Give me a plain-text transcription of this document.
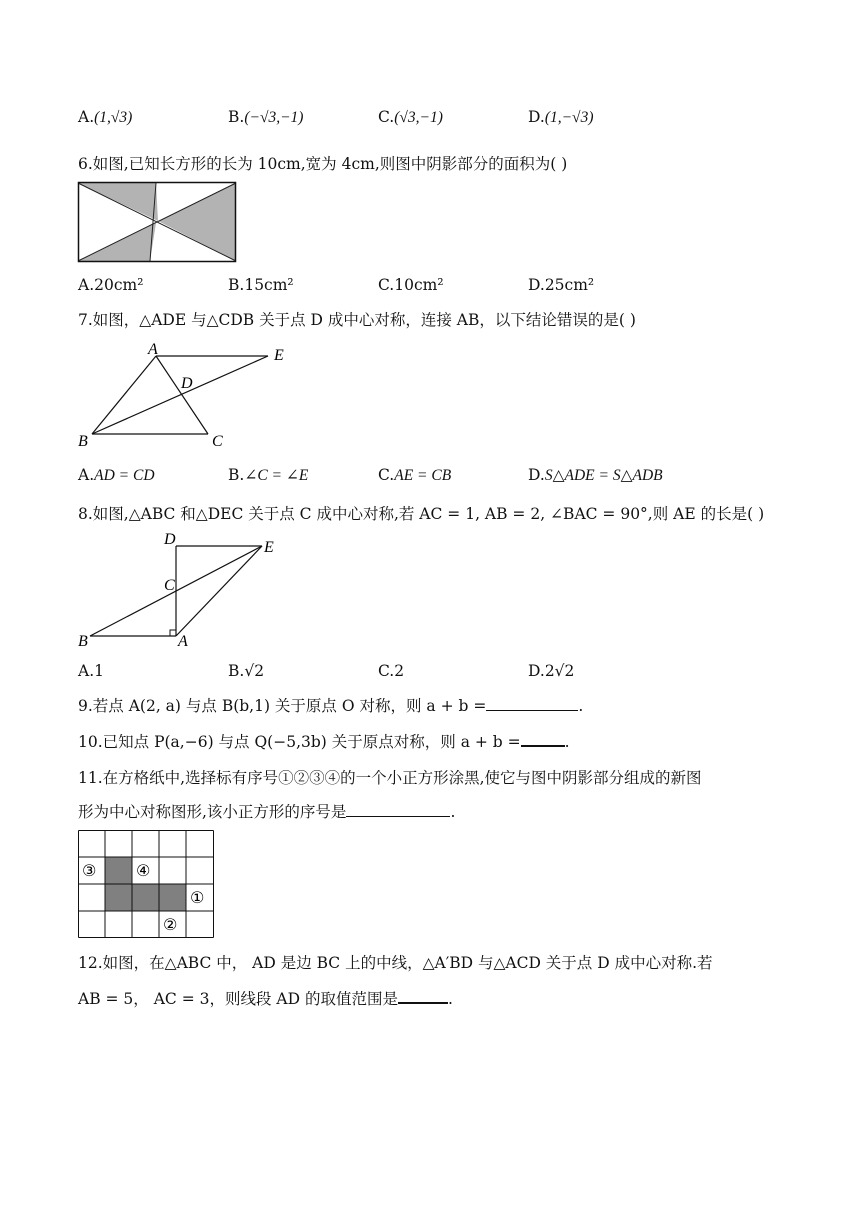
A.(1,√3)	B.(−√3,−1)	C.(√3,−1)	D.(1,−√3)
6.如图,已知长方形的长为 10cm,宽为 4cm,则图中阴影部分的面积为( )
A.20cm²	B.15cm²	C.10cm²	D.25cm²
7.如图，△ADE 与△CDB 关于点 D 成中心对称，连接 AB，以下结论错误的是( )
A	E
D
B	C
A.AD = CD	B.∠C = ∠E	C.AE = CB	D.S△ADE = S△ADB
8.如图,△ABC 和△DEC 关于点 C 成中心对称,若 AC = 1, AB = 2, ∠BAC = 90°,则 AE 的长是( )
D	E
C
B	A
A.1	B.√2	C.2	D.2√2
9.若点 A(2, a) 与点 B(b,1) 关于原点 O 对称，则 a + b =	.
10.已知点 P(a,−6) 与点 Q(−5,3b) 关于原点对称，则 a + b =	.
11.在方格纸中,选择标有序号①②③④的一个小正方形涂黑,使它与图中阴影部分组成的新图
形为中心对称图形,该小正方形的序号是	.
③ ④
①
②
12.如图，在△ABC 中， AD 是边 BC 上的中线，△A′BD 与△ACD 关于点 D 成中心对称.若
AB = 5， AC = 3，则线段 AD 的取值范围是	.
